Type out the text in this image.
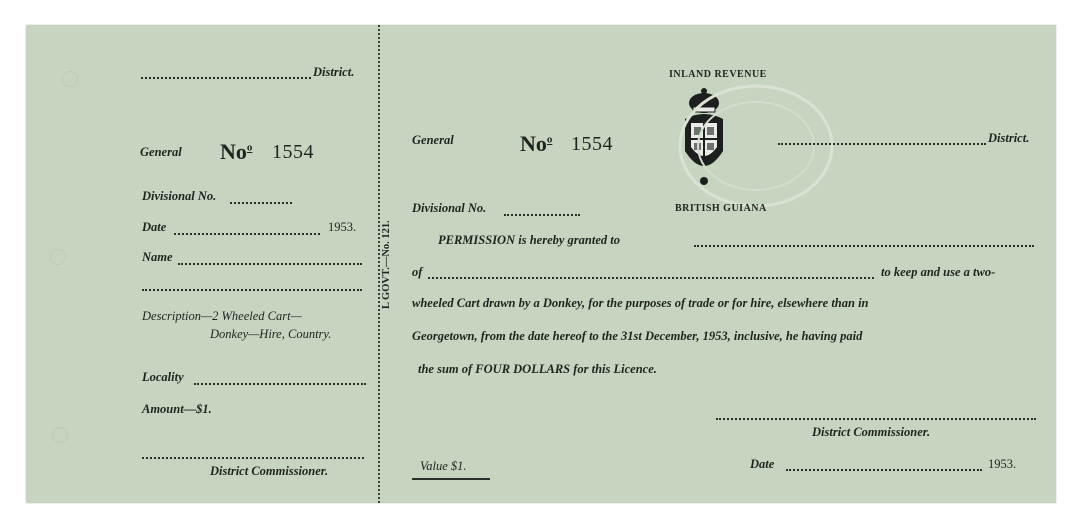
District.
General No$^o$ 1554
Divisional No.
Date	1953.
Name
Description—2 Wheeled Cart—
Donkey—Hire, Country.
Locality
Amount—$1.
District Commissioner.
L GOVT.—No. 121.
INLAND REVENUE
BRITISH GUIANA
General	No$^o$ 1554	District.
Divisional No.
PERMISSION is hereby granted to
of	to keep and use a two-
wheeled Cart drawn by a Donkey, for the purposes of trade or for hire, elsewhere than in
Georgetown, from the date hereof to the 31st December, 1953, inclusive, he having paid
the sum of FOUR DOLLARS for this Licence.
District Commissioner.
Value $1.	Date	1953.
